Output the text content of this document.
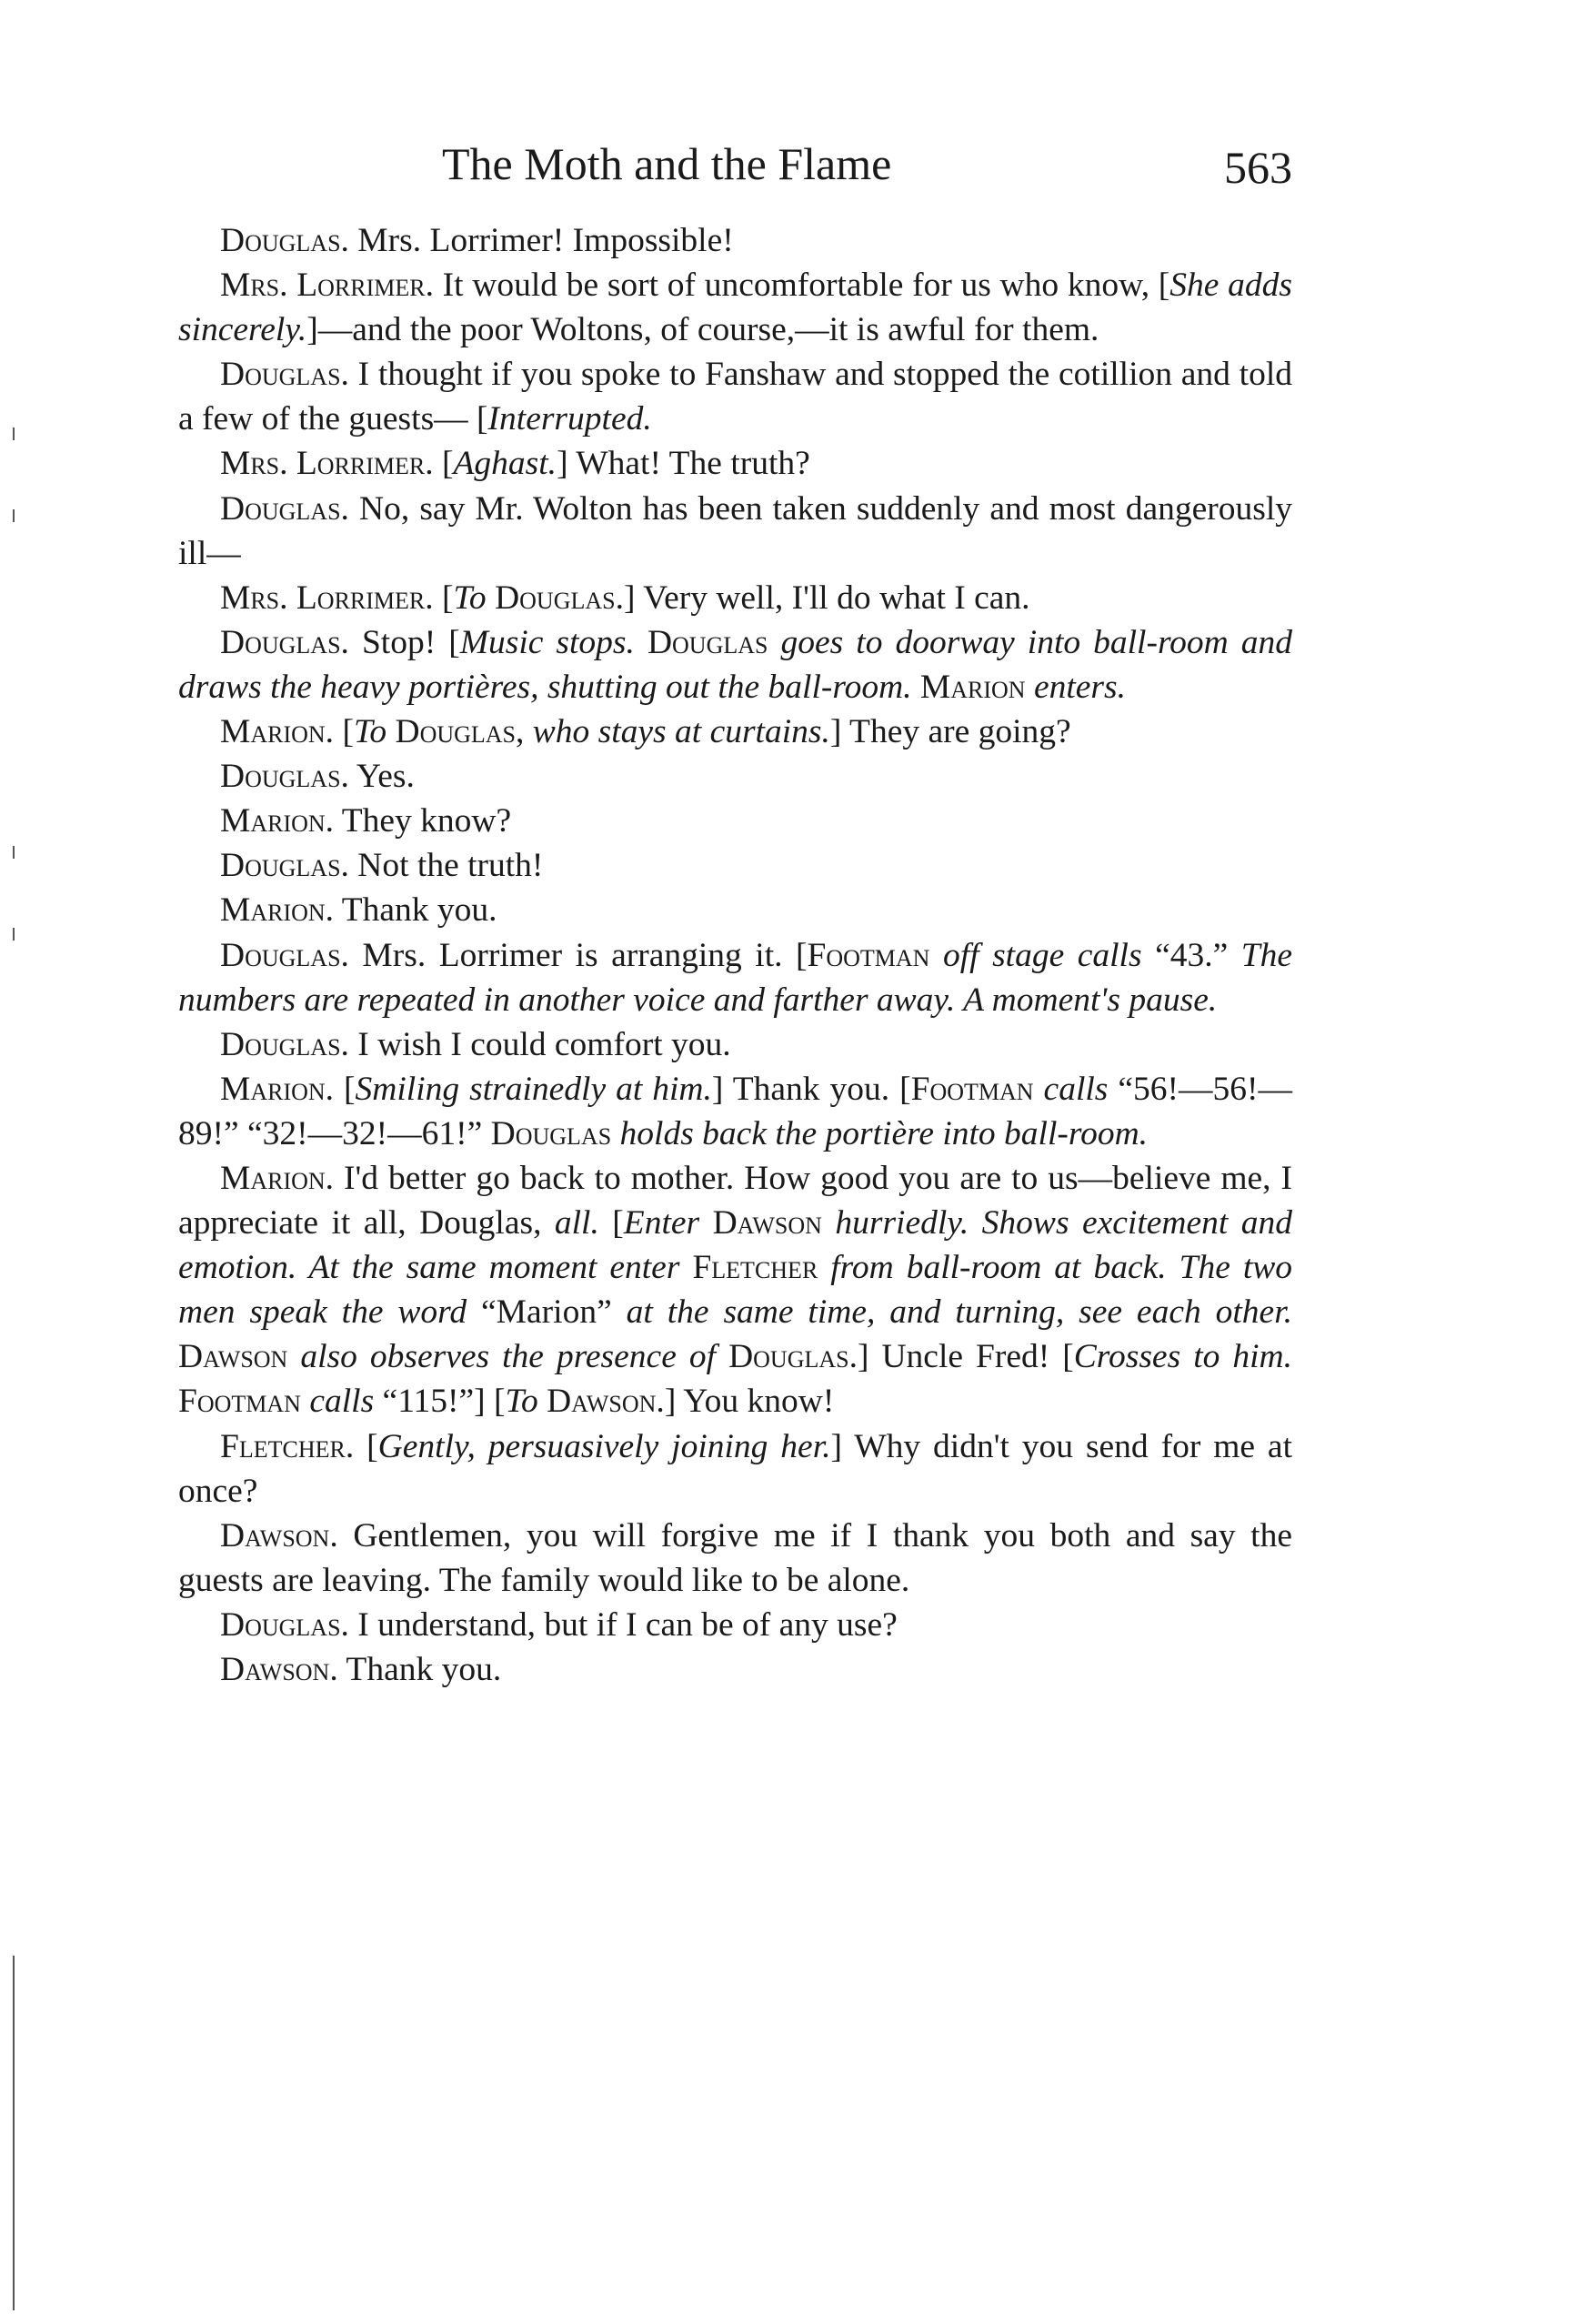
The Moth and the Flame	563

Douglas. Mrs. Lorrimer! Impossible!

Mrs. Lorrimer. It would be sort of uncomfortable for us who know, [She adds sincerely.]—and the poor Woltons, of course,—it is awful for them.

Douglas. I thought if you spoke to Fanshaw and stopped the cotillion and told a few of the guests— [Interrupted.

Mrs. Lorrimer. [Aghast.] What! The truth?

Douglas. No, say Mr. Wolton has been taken suddenly and most dangerously ill—

Mrs. Lorrimer. [To Douglas.] Very well, I'll do what I can.

Douglas. Stop! [Music stops. Douglas goes to doorway into ball-room and draws the heavy portières, shutting out the ball-room. Marion enters.

Marion. [To Douglas, who stays at curtains.] They are going?

Douglas. Yes.

Marion. They know?

Douglas. Not the truth!

Marion. Thank you.

Douglas. Mrs. Lorrimer is arranging it. [Footman off stage calls “43.” The numbers are repeated in another voice and farther away. A moment's pause.

Douglas. I wish I could comfort you.

Marion. [Smiling strainedly at him.] Thank you. [Footman calls “56!—56!—89!” “32!—32!—61!” Douglas holds back the portière into ball-room.

Marion. I'd better go back to mother. How good you are to us—believe me, I appreciate it all, Douglas, all. [Enter Dawson hurriedly. Shows excitement and emotion. At the same moment enter Fletcher from ball-room at back. The two men speak the word “Marion” at the same time, and turning, see each other. Dawson also observes the presence of Douglas.] Uncle Fred! [Crosses to him. Footman calls “115!”] [To Dawson.] You know!

Fletcher. [Gently, persuasively joining her.] Why didn't you send for me at once?

Dawson. Gentlemen, you will forgive me if I thank you both and say the guests are leaving. The family would like to be alone.

Douglas. I understand, but if I can be of any use?

Dawson. Thank you.
